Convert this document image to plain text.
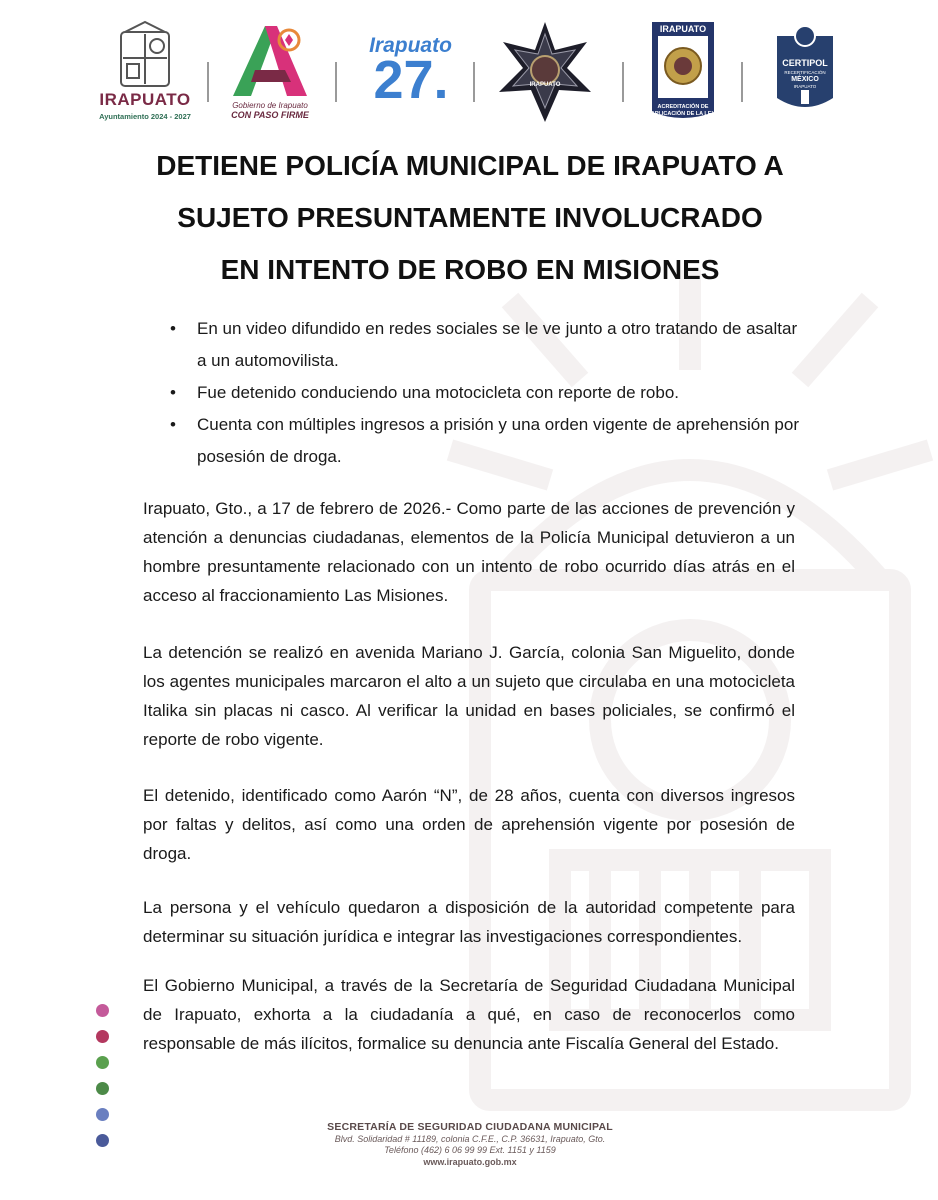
IRAPUATO
Ayuntamiento 2024 - 2027
Gobierno de Irapuato
CON PASO FIRME
Irapuato
27.	IRAPUATO
IRAPUATO
ACREDITACIÓN DE
APLICACIÓN DE LA LEY
CERTIPOL
RECERTIFICACIÓN
MÉXICO
IRAPUATO
DETIENE POLICÍA MUNICIPAL DE IRAPUATO A
SUJETO PRESUNTAMENTE INVOLUCRADO
EN INTENTO DE ROBO EN MISIONES
• En un video difundido en redes sociales se le ve junto a otro tratando de asaltar a un automovilista.
• Fue detenido conduciendo una motocicleta con reporte de robo.
• Cuenta con múltiples ingresos a prisión y una orden vigente de aprehensión por posesión de droga.

Irapuato, Gto., a 17 de febrero de 2026.- Como parte de las acciones de prevención y atención a denuncias ciudadanas, elementos de la Policía Municipal detuvieron a un hombre presuntamente relacionado con un intento de robo ocurrido días atrás en el acceso al fraccionamiento Las Misiones.

La detención se realizó en avenida Mariano J. García, colonia San Miguelito, donde los agentes municipales marcaron el alto a un sujeto que circulaba en una motocicleta Italika sin placas ni casco. Al verificar la unidad en bases policiales, se confirmó el reporte de robo vigente.

El detenido, identificado como Aarón “N”, de 28 años, cuenta con diversos ingresos por faltas y delitos, así como una orden de aprehensión vigente por posesión de droga.

La persona y el vehículo quedaron a disposición de la autoridad competente para determinar su situación jurídica e integrar las investigaciones correspondientes.

El Gobierno Municipal, a través de la Secretaría de Seguridad Ciudadana Municipal de Irapuato, exhorta a la ciudadanía a qué, en caso de reconocerlos como responsable de más ilícitos, formalice su denuncia ante Fiscalía General del Estado.

SECRETARÍA DE SEGURIDAD CIUDADANA MUNICIPAL
Blvd. Solidaridad # 11189, colonia C.F.E., C.P. 36631, Irapuato, Gto.
Teléfono (462) 6 06 99 99 Ext. 1151 y 1159
www.irapuato.gob.mx
